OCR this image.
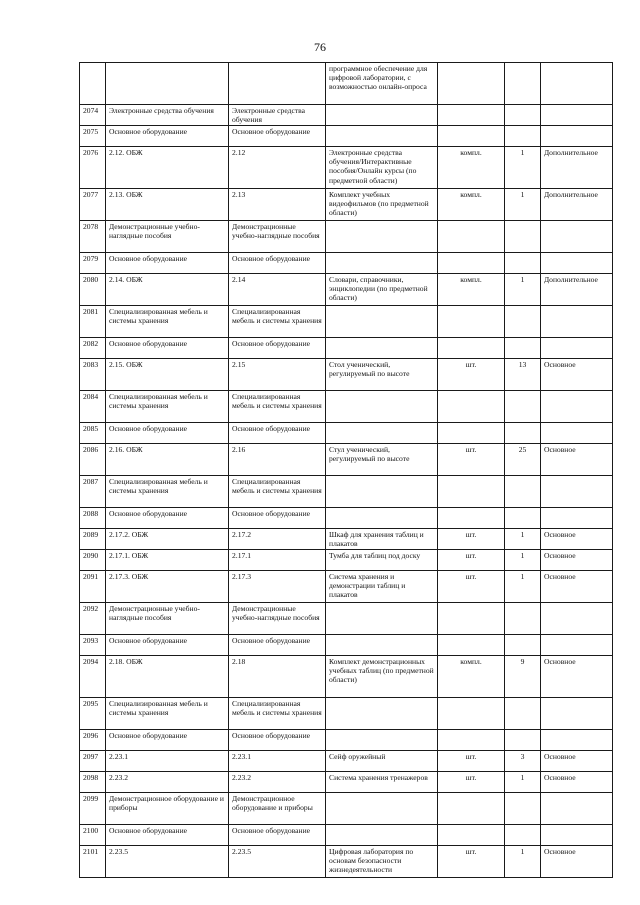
76
			программное обеспечение для цифровой лаборатории, с возможностью онлайн-опроса			
2074	Электронные средства обучения	Электронные средства обучения				
2075	Основное оборудование	Основное оборудование				
2076	2.12. ОБЖ	2.12	Электронные средства обучения/Интерактивные пособия/Онлайн курсы (по предметной области)	компл.	1	Дополнительное
2077	2.13. ОБЖ	2.13	Комплект учебных видеофильмов (по предметной области)	компл.	1	Дополнительное
2078	Демонстрационные учебно-наглядные пособия	Демонстрационные учебно-наглядные пособия				
2079	Основное оборудование	Основное оборудование				
2080	2.14. ОБЖ	2.14	Словари, справочники, энциклопедии (по предметной области)	компл.	1	Дополнительное
2081	Специализированная мебель и системы хранения	Специализированная мебель и системы хранения				
2082	Основное оборудование	Основное оборудование				
2083	2.15. ОБЖ	2.15	Стол ученический, регулируемый по высоте	шт.	13	Основное
2084	Специализированная мебель и системы хранения	Специализированная мебель и системы хранения				
2085	Основное оборудование	Основное оборудование				
2086	2.16. ОБЖ	2.16	Стул ученический, регулируемый по высоте	шт.	25	Основное
2087	Специализированная мебель и системы хранения	Специализированная мебель и системы хранения				
2088	Основное оборудование	Основное оборудование				
2089	2.17.2. ОБЖ	2.17.2	Шкаф для хранения таблиц и плакатов	шт.	1	Основное
2090	2.17.1. ОБЖ	2.17.1	Тумба для таблиц под доску	шт.	1	Основное
2091	2.17.3. ОБЖ	2.17.3	Система хранения и демонстрации таблиц и плакатов	шт.	1	Основное
2092	Демонстрационные учебно-наглядные пособия	Демонстрационные учебно-наглядные пособия				
2093	Основное оборудование	Основное оборудование				
2094	2.18. ОБЖ	2.18	Комплект демонстрационных учебных таблиц (по предметной области)	компл.	9	Основное
2095	Специализированная мебель и системы хранения	Специализированная мебель и системы хранения				
2096	Основное оборудование	Основное оборудование				
2097	2.23.1	2.23.1	Сейф оружейный	шт.	3	Основное
2098	2.23.2	2.23.2	Система хранения тренажеров	шт.	1	Основное
2099	Демонстрационное оборудование и приборы	Демонстрационное оборудование и приборы				
2100	Основное оборудование	Основное оборудование				
2101	2.23.5	2.23.5	Цифровая лаборатория по основам безопасности жизнедеятельности	шт.	1	Основное
